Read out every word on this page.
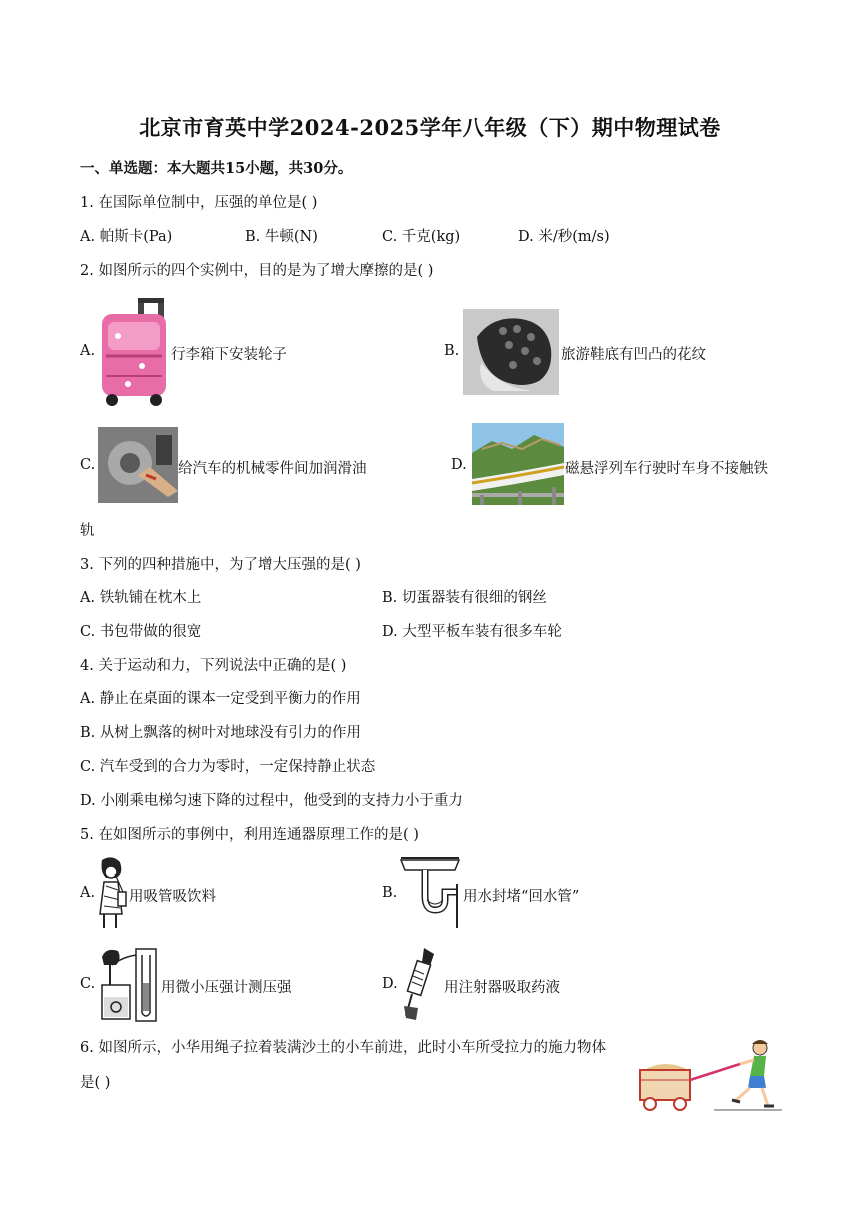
北京市育英中学2024-2025学年八年级（下）期中物理试卷
一、单选题：本大题共15小题，共30分。
1. 在国际单位制中，压强的单位是( )
A. 帕斯卡(Pa)	B. 牛顿(N)	C. 千克(kg)	D. 米/秒(m/s)
2. 如图所示的四个实例中，目的是为了增大摩擦的是( )
A.	行李箱下安装轮子	B.	旅游鞋底有凹凸的花纹
C.	给汽车的机械零件间加润滑油	D.	磁悬浮列车行驶时车身不接触铁
轨
3. 下列的四种措施中，为了增大压强的是( )
A. 铁轨铺在枕木上	B. 切蛋器装有很细的钢丝
C. 书包带做的很宽	D. 大型平板车装有很多车轮
4. 关于运动和力，下列说法中正确的是( )
A. 静止在桌面的课本一定受到平衡力的作用
B. 从树上飘落的树叶对地球没有引力的作用
C. 汽车受到的合力为零时，一定保持静止状态
D. 小刚乘电梯匀速下降的过程中，他受到的支持力小于重力
5. 在如图所示的事例中，利用连通器原理工作的是( )
A. 用吸管吸饮料	B.	用水封堵“回水管”
C.	用微小压强计测压强	D.	用注射器吸取药液
6. 如图所示，小华用绳子拉着装满沙土的小车前进，此时小车所受拉力的施力物体
是( )
